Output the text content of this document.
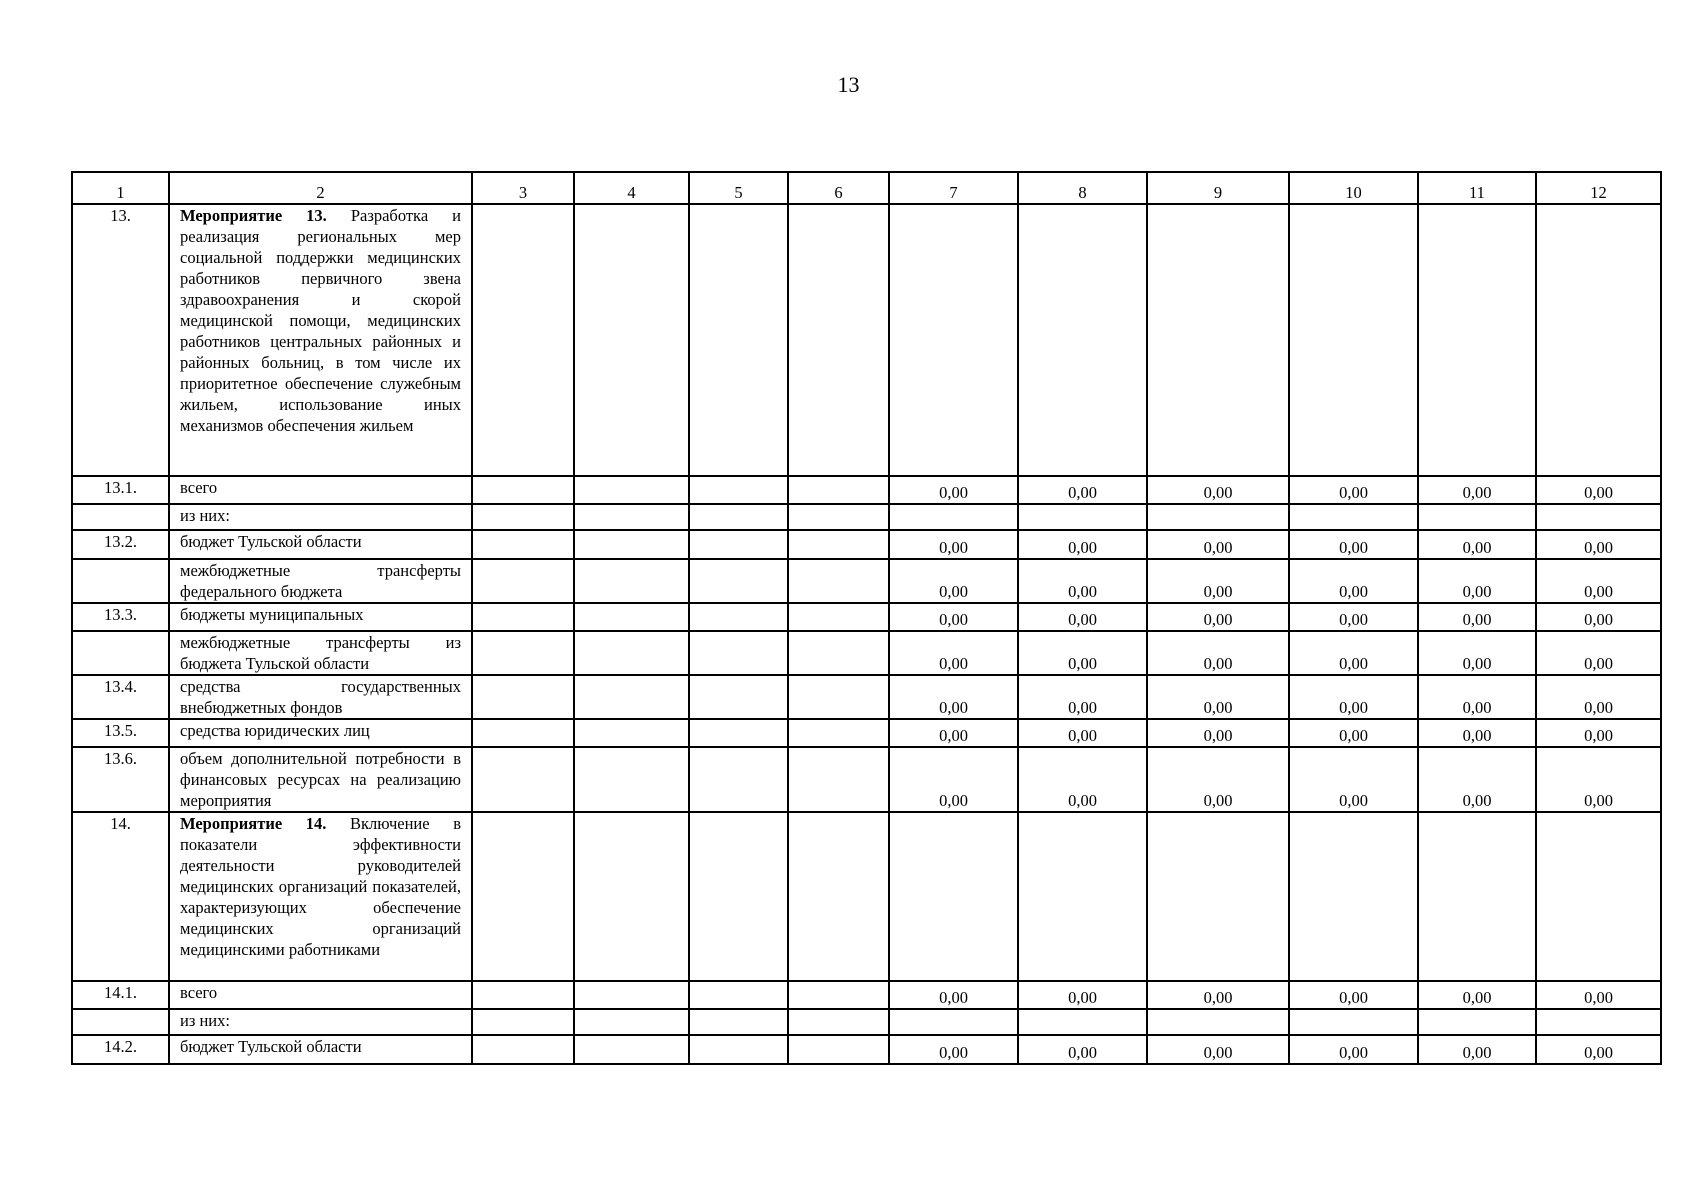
13
1	2	3	4	5	6	7	8	9	10	11	12
13.	Мероприятие 13. Разработка и реализация региональных мер социальной поддержки медицинских работников первичного звена здравоохранения и скорой медицинской помощи, медицинских работников центральных районных и районных больниц, в том числе их приоритетное обеспечение служебным жильем, использование иных механизмов обеспечения жильем										
13.1.	всего					0,00	0,00	0,00	0,00	0,00	0,00
	из них:										
13.2.	бюджет Тульской области					0,00	0,00	0,00	0,00	0,00	0,00
	межбюджетные трансферты федерального бюджета					0,00	0,00	0,00	0,00	0,00	0,00
13.3.	бюджеты муниципальных					0,00	0,00	0,00	0,00	0,00	0,00
	межбюджетные трансферты из бюджета Тульской области					0,00	0,00	0,00	0,00	0,00	0,00
13.4.	средства государственных внебюджетных фондов					0,00	0,00	0,00	0,00	0,00	0,00
13.5.	средства юридических лиц					0,00	0,00	0,00	0,00	0,00	0,00
13.6.	объем дополнительной потребности в финансовых ресурсах на реализацию мероприятия					0,00	0,00	0,00	0,00	0,00	0,00
14.	Мероприятие 14. Включение в показатели эффективности деятельности руководителей медицинских организаций показателей, характеризующих обеспечение медицинских организаций медицинскими работниками										
14.1.	всего					0,00	0,00	0,00	0,00	0,00	0,00
	из них:										
14.2.	бюджет Тульской области					0,00	0,00	0,00	0,00	0,00	0,00
